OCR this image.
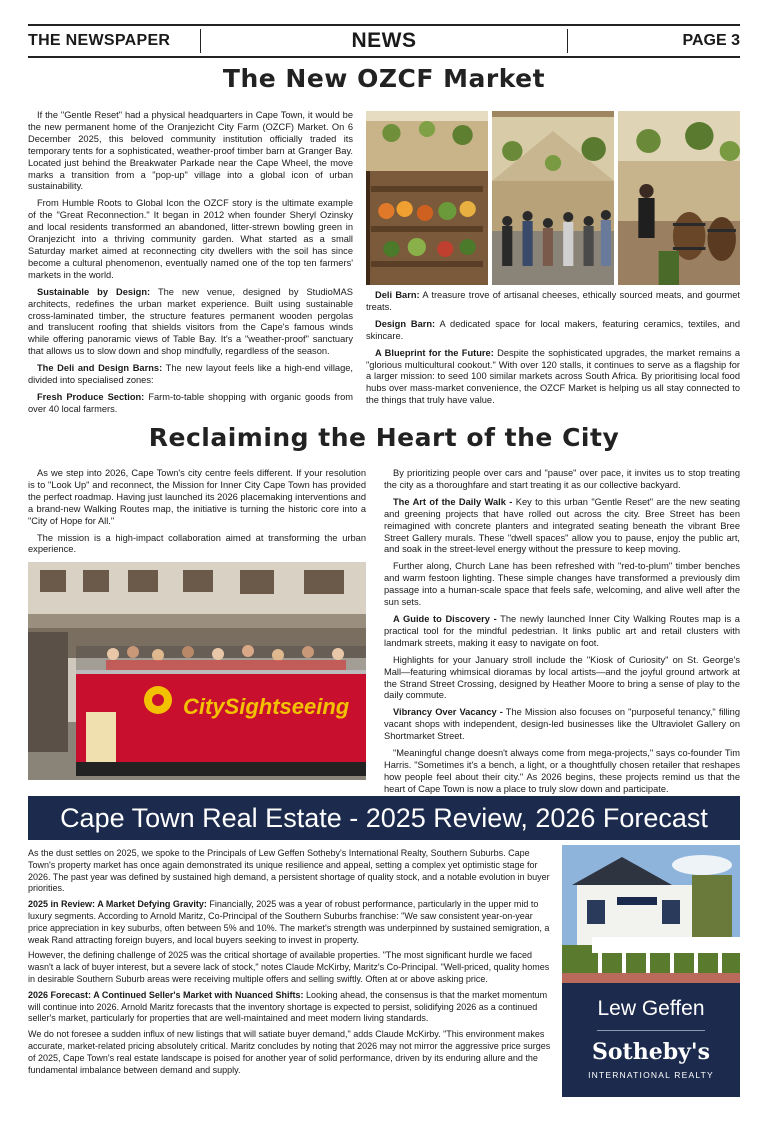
THE NEWSPAPER	NEWS	PAGE 3
The New OZCF Market

If the "Gentle Reset" had a physical headquarters in Cape Town, it would be the new permanent home of the Oranjezicht City Farm (OZCF) Market. On 6 December 2025, this beloved community institution officially traded its temporary tents for a sophisticated, weather-proof timber barn at Granger Bay. Located just behind the Breakwater Parkade near the Cape Wheel, the move marks a transition from a "pop-up" village into a global icon of urban sustainability.

From Humble Roots to Global Icon the OZCF story is the ultimate example of the "Great Reconnection." It began in 2012 when founder Sheryl Ozinsky and local residents transformed an abandoned, litter-strewn bowling green in Oranjezicht into a thriving community garden. What started as a small Saturday market aimed at reconnecting city dwellers with the soil has since become a cultural phenomenon, eventually named one of the top ten farmers' markets in the world.

Sustainable by Design: The new venue, designed by StudioMAS architects, redefines the urban market experience. Built using sustainable cross-laminated timber, the structure features permanent wooden pergolas and translucent roofing that shields visitors from the Cape's famous winds while offering panoramic views of Table Bay. It's a "weather-proof" sanctuary that allows us to slow down and shop mindfully, regardless of the season.

The Deli and Design Barns: The new layout feels like a high-end village, divided into specialised zones:

Fresh Produce Section: Farm-to-table shopping with organic goods from over 40 local farmers.

Deli Barn: A treasure trove of artisanal cheeses, ethically sourced meats, and gourmet treats.

Design Barn: A dedicated space for local makers, featuring ceramics, textiles, and skincare.

A Blueprint for the Future: Despite the sophisticated upgrades, the market remains a "glorious multicultural cookout." With over 120 stalls, it continues to serve as a flagship for a larger mission: to seed 100 similar markets across South Africa. By prioritising local food hubs over mass-market convenience, the OZCF Market is helping us all stay connected to the things that truly have value.

Reclaiming the Heart of the City

As we step into 2026, Cape Town's city centre feels different. If your resolution is to "Look Up" and reconnect, the Mission for Inner City Cape Town has provided the perfect roadmap. Having just launched its 2026 placemaking interventions and a brand-new Walking Routes map, the initiative is turning the historic core into a "City of Hope for All."

The mission is a high-impact collaboration aimed at transforming the urban experience.

CitySightseeing

By prioritizing people over cars and "pause" over pace, it invites us to stop treating the city as a thoroughfare and start treating it as our collective backyard.

The Art of the Daily Walk - Key to this urban "Gentle Reset" are the new seating and greening projects that have rolled out across the city. Bree Street has been reimagined with concrete planters and integrated seating beneath the vibrant Bree Street Gallery murals. These "dwell spaces" allow you to pause, enjoy the public art, and soak in the street-level energy without the pressure to keep moving.

Further along, Church Lane has been refreshed with "red-to-plum" timber benches and warm festoon lighting. These simple changes have transformed a previously dim passage into a human-scale space that feels safe, welcoming, and alive well after the sun sets.

A Guide to Discovery - The newly launched Inner City Walking Routes map is a practical tool for the mindful pedestrian. It links public art and retail clusters with landmark streets, making it easy to navigate on foot.

Highlights for your January stroll include the "Kiosk of Curiosity" on St. George's Mall—featuring whimsical dioramas by local artists—and the joyful ground artwork at the Strand Street Crossing, designed by Heather Moore to bring a sense of play to the daily commute.

Vibrancy Over Vacancy - The Mission also focuses on "purposeful tenancy," filling vacant shops with independent, design-led businesses like the Ultraviolet Gallery on Shortmarket Street.

"Meaningful change doesn't always come from mega-projects," says co-founder Tim Harris. "Sometimes it's a bench, a light, or a thoughtfully chosen retailer that reshapes how people feel about their city." As 2026 begins, these projects remind us that the heart of Cape Town is now a place to truly slow down and participate.

Cape Town Real Estate - 2025 Review, 2026 Forecast

As the dust settles on 2025, we spoke to the Principals of Lew Geffen Sotheby's International Realty, Southern Suburbs. Cape Town's property market has once again demonstrated its unique resilience and appeal, setting a complex yet optimistic stage for 2026. The past year was defined by sustained high demand, a persistent shortage of quality stock, and a notable evolution in buyer priorities.

2025 in Review: A Market Defying Gravity: Financially, 2025 was a year of robust performance, particularly in the upper mid to luxury segments. According to Arnold Maritz, Co-Principal of the Southern Suburbs franchise: "We saw consistent year-on-year price appreciation in key suburbs, often between 5% and 10%. The market's strength was underpinned by sustained semigration, a weak Rand attracting foreign buyers, and local buyers seeking to invest in property.

However, the defining challenge of 2025 was the critical shortage of available properties. "The most significant hurdle we faced wasn't a lack of buyer interest, but a severe lack of stock," notes Claude McKirby, Maritz's Co-Principal. "Well-priced, quality homes in desirable Southern Suburb areas were receiving multiple offers and selling swiftly. Often at or above asking price.

2026 Forecast: A Continued Seller's Market with Nuanced Shifts: Looking ahead, the consensus is that the market momentum will continue into 2026. Arnold Maritz forecasts that the inventory shortage is expected to persist, solidifying 2026 as a continued seller's market, particularly for properties that are well-maintained and meet modern living standards.

We do not foresee a sudden influx of new listings that will satiate buyer demand," adds Claude McKirby. "This environment makes accurate, market-related pricing absolutely critical. Maritz concludes by noting that 2026 may not mirror the aggressive price surges of 2025, Cape Town's real estate landscape is poised for another year of solid performance, driven by its enduring allure and the fundamental imbalance between demand and supply.

Lew Geffen
Sotheby's
INTERNATIONAL REALTY
